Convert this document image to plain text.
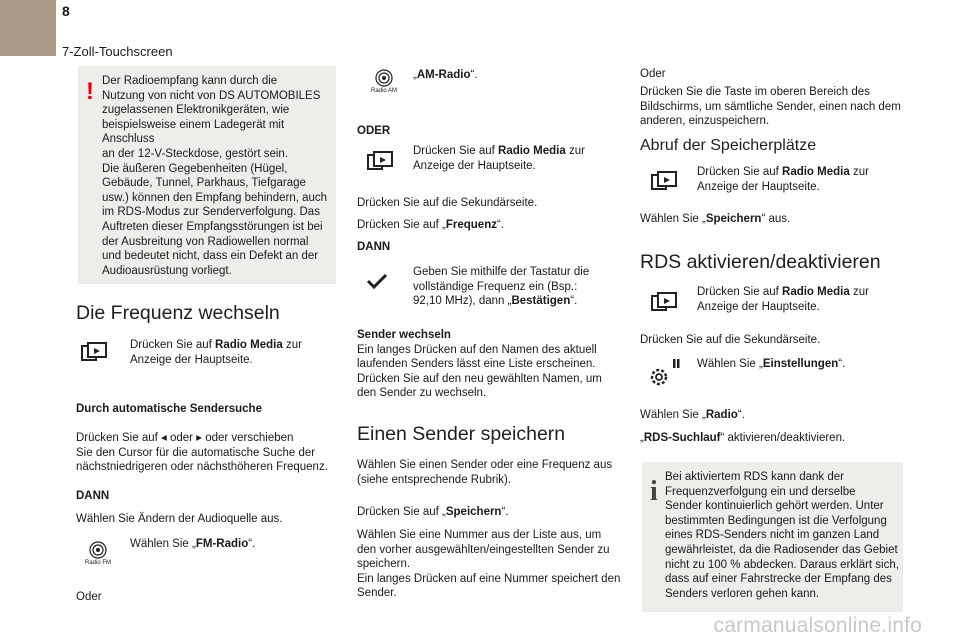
8
7-Zoll-Touchscreen
! Der Radioempfang kann durch die

Nutzung von nicht von DS AUTOMOBILES

zugelassenen Elektronikgeräten, wie

beispielsweise einem Ladegerät mit Anschluss

an der 12-V-Steckdose, gestört sein.

Die äußeren Gegebenheiten (Hügel,

Gebäude, Tunnel, Parkhaus, Tiefgarage

usw.) können den Empfang behindern, auch

im RDS-Modus zur Senderverfolgung. Das

Auftreten dieser Empfangsstörungen ist bei

der Ausbreitung von Radiowellen normal

und bedeutet nicht, dass ein Defekt an der

Audioausrüstung vorliegt.

Die Frequenz wechseln

Drücken Sie auf Radio Media zur

Anzeige der Hauptseite.

Durch automatische Sendersuche

Drücken Sie auf ◂ oder ▸ oder verschieben

Sie den Cursor für die automatische Suche der

nächstniedrigeren oder nächsthöheren Frequenz.

DANN
Wählen Sie Ändern der Audioquelle aus.
Radio FM
Wählen Sie „FM-Radio“.
Oder
Radio AM
„AM-Radio“.
ODER

Drücken Sie auf Radio Media zur

Anzeige der Hauptseite.

Drücken Sie auf die Sekundärseite.
Drücken Sie auf „Frequenz“.
DANN

Geben Sie mithilfe der Tastatur die

vollständige Frequenz ein (Bsp.:

92,10 MHz), dann „Bestätigen“.

Sender wechseln

Ein langes Drücken auf den Namen des aktuell

laufenden Senders lässt eine Liste erscheinen.

Drücken Sie auf den neu gewählten Namen, um

den Sender zu wechseln.

Einen Sender speichern

Wählen Sie einen Sender oder eine Frequenz aus

(siehe entsprechende Rubrik).

Drücken Sie auf „Speichern“.

Wählen Sie eine Nummer aus der Liste aus, um

den vorher ausgewählten/eingestellten Sender zu

speichern.

Ein langes Drücken auf eine Nummer speichert den

Sender.

Oder

Drücken Sie die Taste im oberen Bereich des

Bildschirms, um sämtliche Sender, einen nach dem

anderen, einzuspeichern.

Abruf der Speicherplätze

Drücken Sie auf Radio Media zur

Anzeige der Hauptseite.

Wählen Sie „Speichern“ aus.
RDS aktivieren/deaktivieren

Drücken Sie auf Radio Media zur

Anzeige der Hauptseite.

Drücken Sie auf die Sekundärseite.
Wählen Sie „Einstellungen“.
Wählen Sie „Radio“.
„RDS-Suchlauf“ aktivieren/deaktivieren.
i Bei aktiviertem RDS kann dank der

Frequenzverfolgung ein und derselbe

Sender kontinuierlich gehört werden. Unter

bestimmten Bedingungen ist die Verfolgung

eines RDS-Senders nicht im ganzen Land

gewährleistet, da die Radiosender das Gebiet

nicht zu 100 % abdecken. Daraus erklärt sich,

dass auf einer Fahrstrecke der Empfang des

Senders verloren gehen kann.

carmanualsonline.info
